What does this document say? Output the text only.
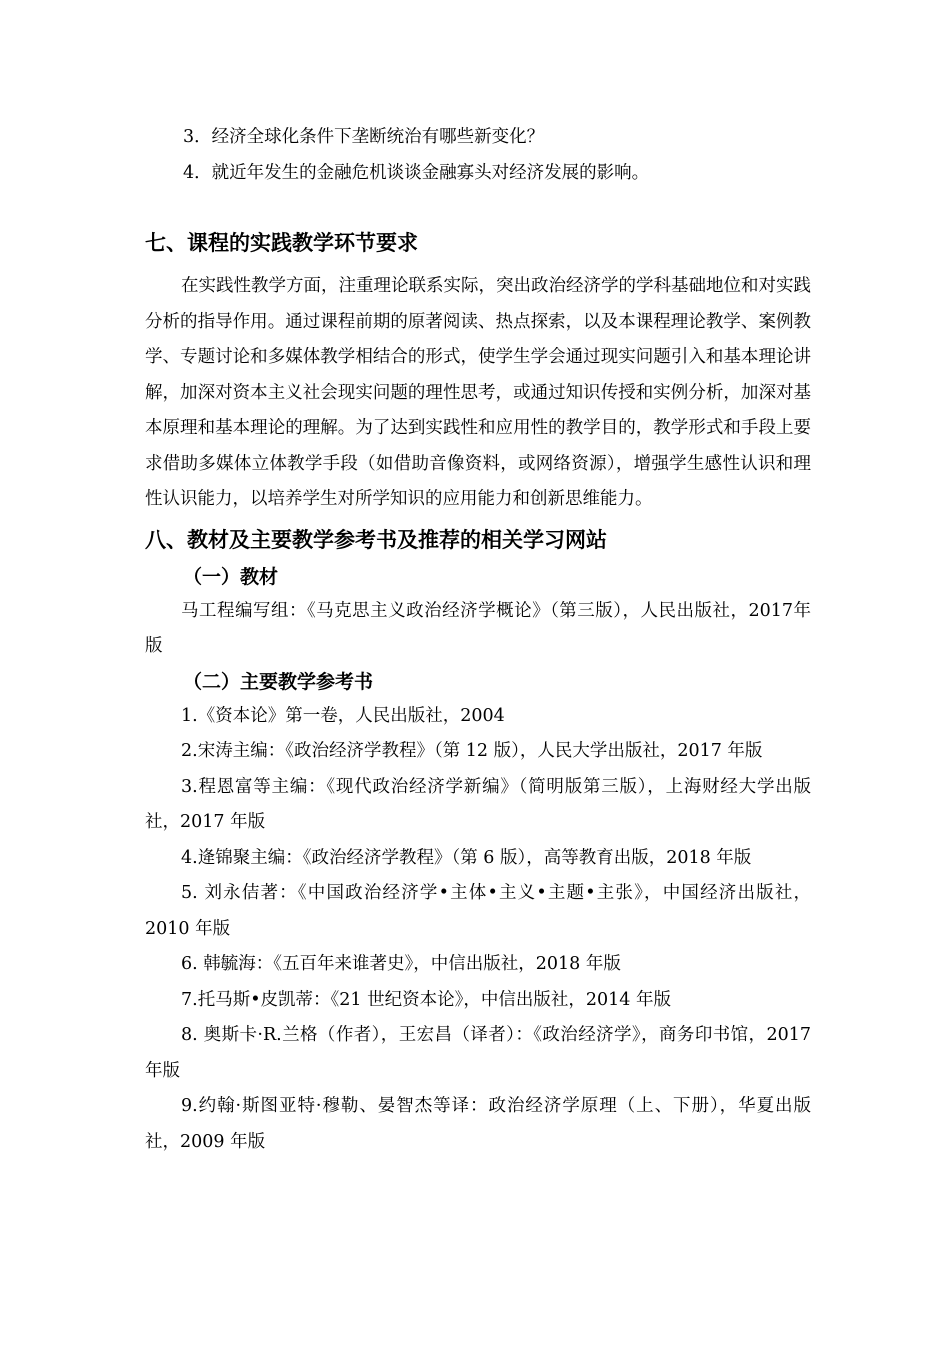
3．经济全球化条件下垄断统治有哪些新变化？
4．就近年发生的金融危机谈谈金融寡头对经济发展的影响。
七、课程的实践教学环节要求

在实践性教学方面，注重理论联系实际，突出政治经济学的学科基础地位和对实践分析的指导作用。通过课程前期的原著阅读、热点探索，以及本课程理论教学、案例教学、专题讨论和多媒体教学相结合的形式，使学生学会通过现实问题引入和基本理论讲解，加深对资本主义社会现实问题的理性思考，或通过知识传授和实例分析，加深对基本原理和基本理论的理解。为了达到实践性和应用性的教学目的，教学形式和手段上要求借助多媒体立体教学手段（如借助音像资料，或网络资源），增强学生感性认识和理性认识能力，以培养学生对所学知识的应用能力和创新思维能力。

八、教材及主要教学参考书及推荐的相关学习网站
（一）教材

马工程编写组：《马克思主义政治经济学概论》（第三版），人民出版社，2017年版

（二）主要教学参考书

1.《资本论》第一卷，人民出版社，2004

2.宋涛主编：《政治经济学教程》（第 12 版），人民大学出版社，2017 年版

3.程恩富等主编：《现代政治经济学新编》（简明版第三版），上海财经大学出版社，2017 年版

4.逄锦聚主编：《政治经济学教程》（第 6 版），高等教育出版，2018 年版

5. 刘永佶著：《中国政治经济学•主体•主义•主题•主张》，中国经济出版社，2010 年版

6. 韩毓海：《五百年来谁著史》，中信出版社，2018 年版

7.托马斯•皮凯蒂：《21 世纪资本论》，中信出版社，2014 年版

8. 奥斯卡·R.兰格（作者），王宏昌（译者）：《政治经济学》，商务印书馆，2017 年版

9.约翰·斯图亚特·穆勒、晏智杰等译：政治经济学原理（上、下册），华夏出版社，2009 年版
